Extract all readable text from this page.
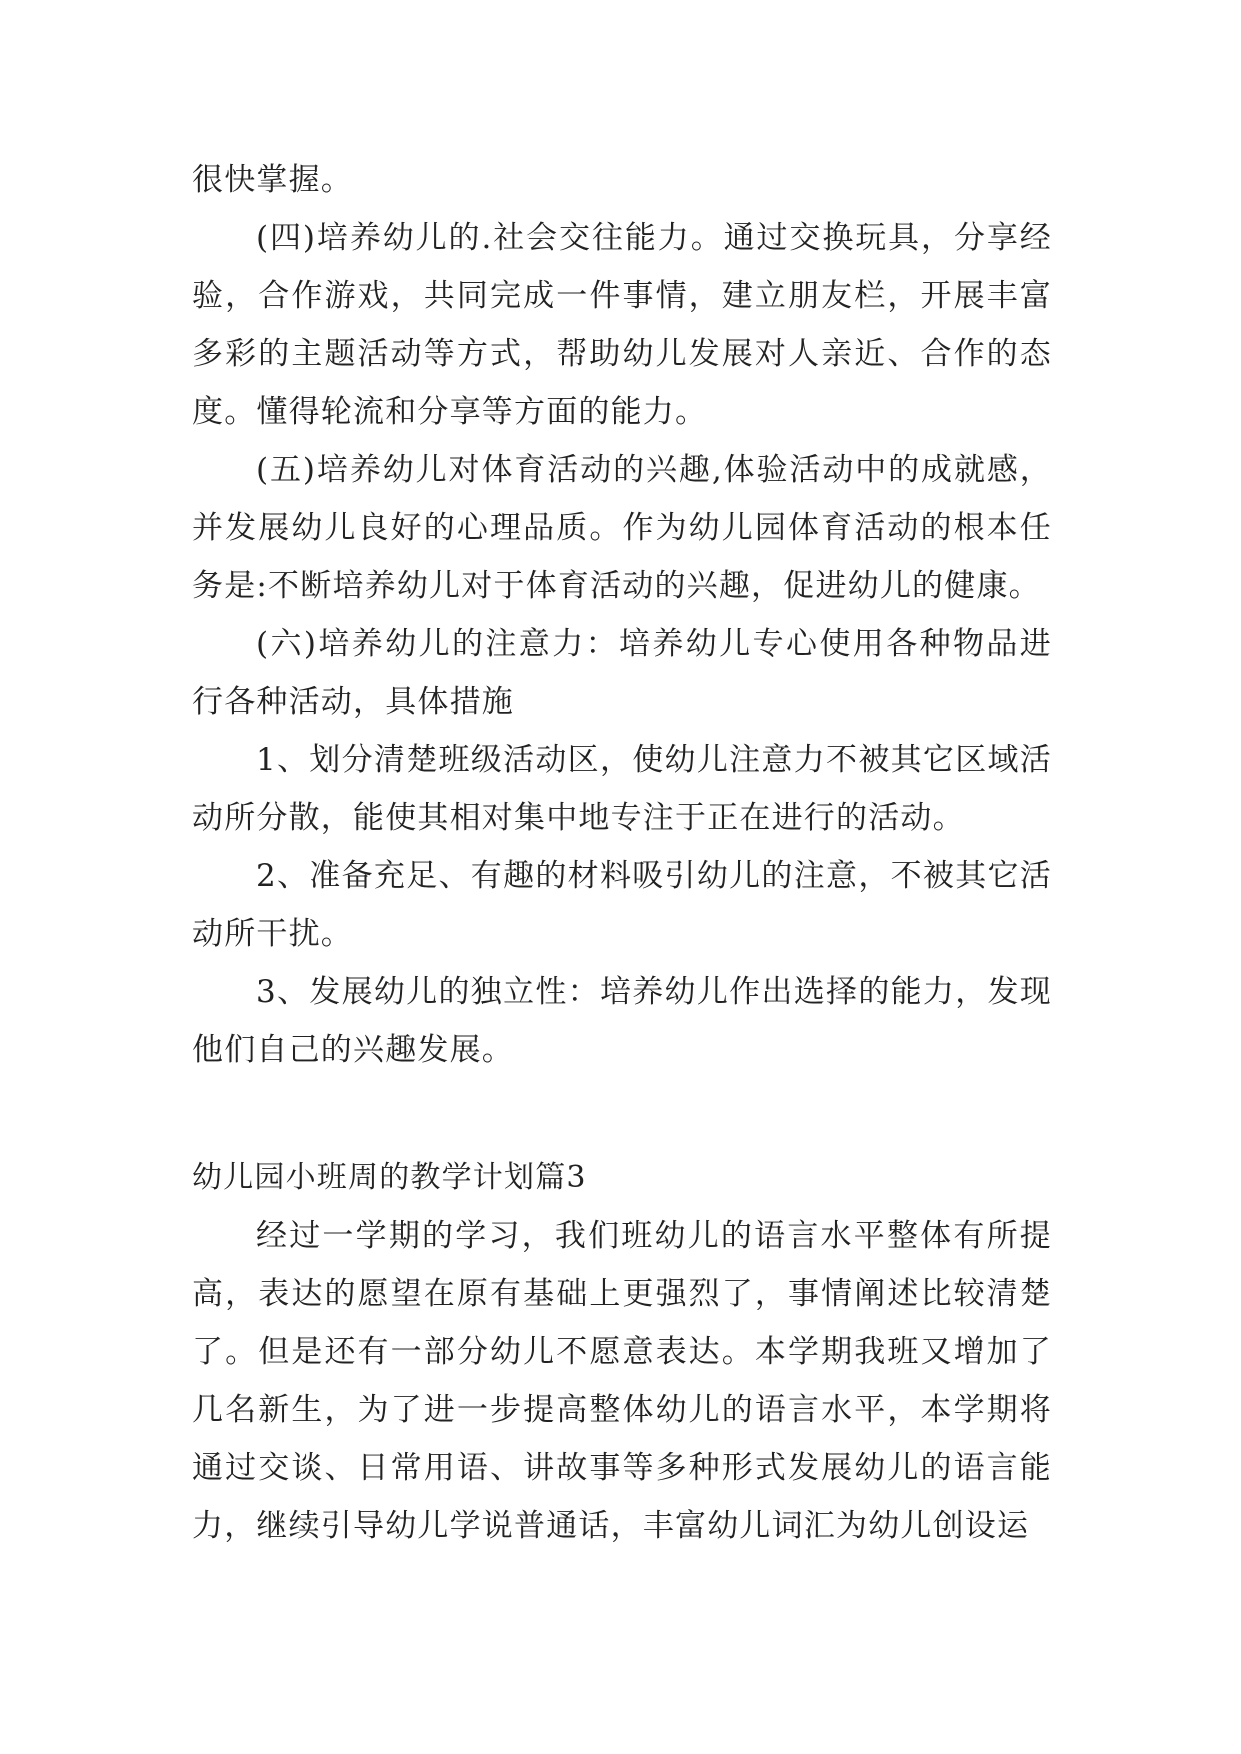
很快掌握。

(四)培养幼儿的.社会交往能力。通过交换玩具，分享经验，合作游戏，共同完成一件事情，建立朋友栏，开展丰富多彩的主题活动等方式，帮助幼儿发展对人亲近、合作的态度。懂得轮流和分享等方面的能力。

(五)培养幼儿对体育活动的兴趣,体验活动中的成就感，并发展幼儿良好的心理品质。作为幼儿园体育活动的根本任务是:不断培养幼儿对于体育活动的兴趣，促进幼儿的健康。

(六)培养幼儿的注意力：培养幼儿专心使用各种物品进行各种活动，具体措施

1、划分清楚班级活动区，使幼儿注意力不被其它区域活动所分散，能使其相对集中地专注于正在进行的活动。

2、准备充足、有趣的材料吸引幼儿的注意，不被其它活动所干扰。

3、发展幼儿的独立性：培养幼儿作出选择的能力，发现他们自己的兴趣发展。

幼儿园小班周的教学计划篇3

经过一学期的学习，我们班幼儿的语言水平整体有所提高，表达的愿望在原有基础上更强烈了，事情阐述比较清楚了。但是还有一部分幼儿不愿意表达。本学期我班又增加了几名新生，为了进一步提高整体幼儿的语言水平，本学期将通过交谈、日常用语、讲故事等多种形式发展幼儿的语言能力，继续引导幼儿学说普通话，丰富幼儿词汇为幼儿创设运
